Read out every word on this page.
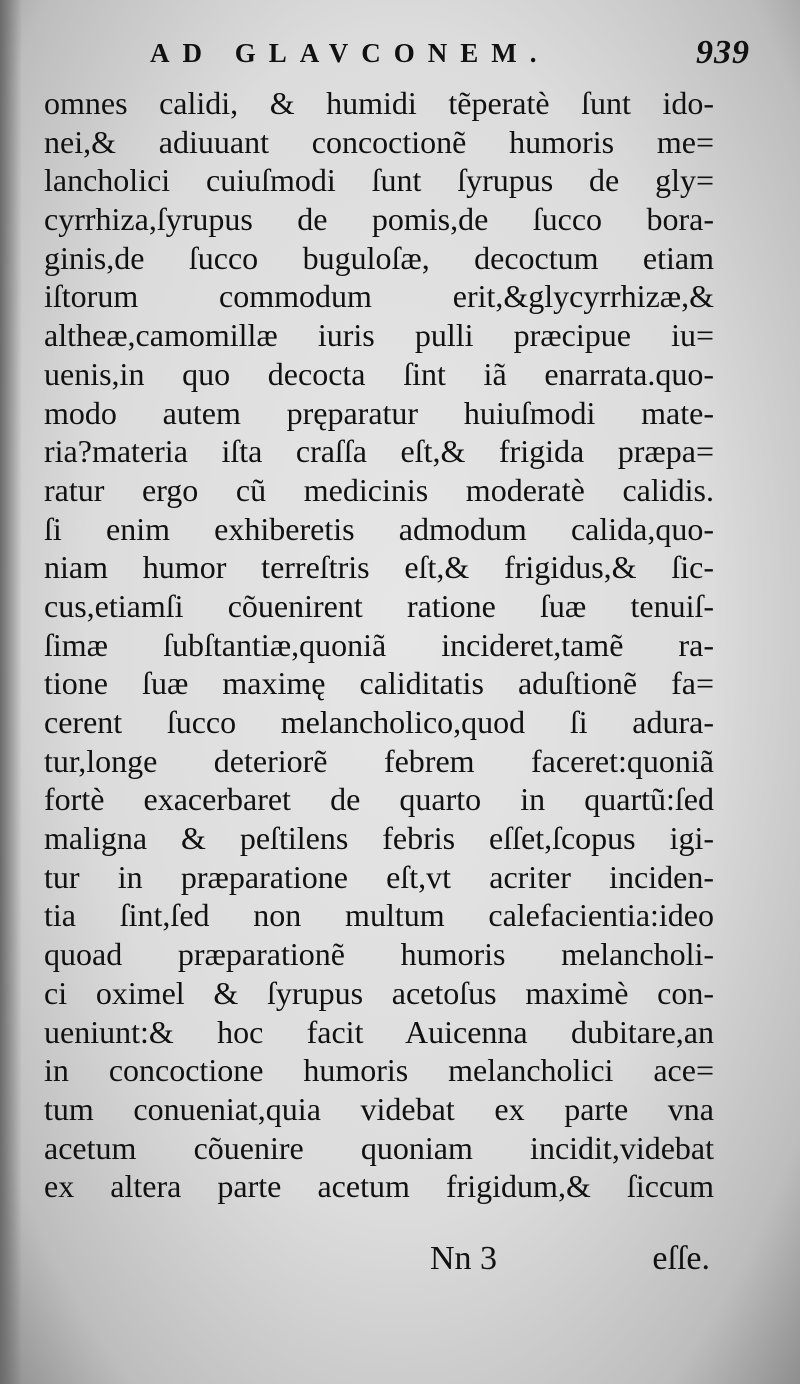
AD GLAVCONEM.	939
omnes calidi, & humidi tẽperatè ſunt ido-
nei,& adiuuant concoctionẽ humoris me=
lancholici cuiuſmodi ſunt ſyrupus de gly=
cyrrhiza,ſyrupus de pomis,de ſucco bora-
ginis,de ſucco buguloſæ, decoctum etiam
iſtorum commodum erit,&glycyrrhizæ,&
altheæ,camomillæ iuris pulli præcipue iu=
uenis,in quo decocta ſint iã enarrata.quo-
modo autem pręparatur huiuſmodi mate-
ria?materia iſta craſſa eſt,& frigida præpa=
ratur ergo cũ medicinis moderatè calidis.
ſi enim exhiberetis admodum calida,quo-
niam humor terreſtris eſt,& frigidus,& ſic-
cus,etiamſi cõuenirent ratione ſuæ tenuiſ-
ſimæ ſubſtantiæ,quoniã incideret,tamẽ ra-
tione ſuæ maximę caliditatis aduſtionẽ fa=
cerent ſucco melancholico,quod ſi adura-
tur,longe deteriorẽ febrem faceret:quoniã
fortè exacerbaret de quarto in quartũ:ſed
maligna & peſtilens febris eſſet,ſcopus igi-
tur in præparatione eſt,vt acriter inciden-
tia ſint,ſed non multum calefacientia:ideo
quoad præparationẽ humoris melancholi-
ci oximel & ſyrupus acetoſus maximè con-
ueniunt:& hoc facit Auicenna dubitare,an
in concoctione humoris melancholici ace=
tum conueniat,quia videbat ex parte vna
acetum cõuenire quoniam incidit,videbat
ex altera parte acetum frigidum,& ſiccum
Nn 3	eſſe.
